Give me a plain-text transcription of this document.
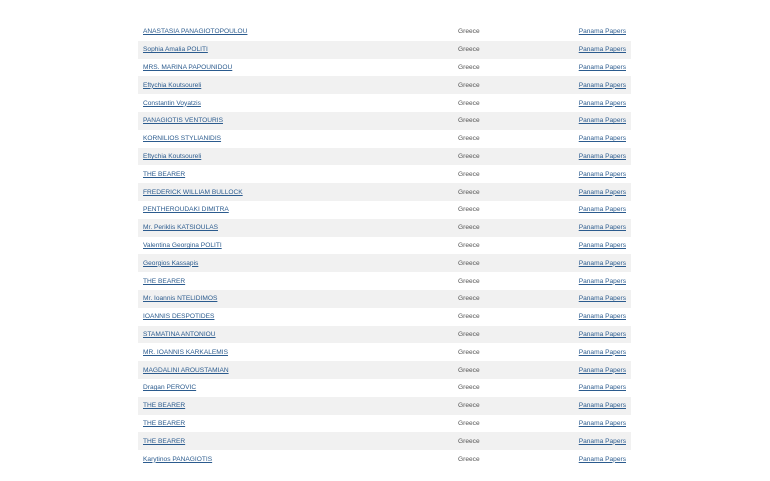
ANASTASIA PANAGIOTOPOULOU	Greece	Panama Papers
Sophia Amalia POLITI	Greece	Panama Papers
MRS. MARINA PAPOUNIDOU	Greece	Panama Papers
Eftychia Koutsoureli	Greece	Panama Papers
Constantin Voyatzis	Greece	Panama Papers
PANAGIOTIS VENTOURIS	Greece	Panama Papers
KORNILIOS STYLIANIDIS	Greece	Panama Papers
Eftychia Koutsoureli	Greece	Panama Papers
THE BEARER	Greece	Panama Papers
FREDERICK WILLIAM BULLOCK	Greece	Panama Papers
PENTHEROUDAKI DIMITRA	Greece	Panama Papers
Mr. Periklis KATSIOULAS	Greece	Panama Papers
Valentina Georgina POLITI	Greece	Panama Papers
Georgios Kassapis	Greece	Panama Papers
THE BEARER	Greece	Panama Papers
Mr. Ioannis NTELIDIMOS	Greece	Panama Papers
IOANNIS DESPOTIDES	Greece	Panama Papers
STAMATINA ANTONIOU	Greece	Panama Papers
MR. IOANNIS KARKALEMIS	Greece	Panama Papers
MAGDALINI AROUSTAMIAN	Greece	Panama Papers
Dragan PEROVIC	Greece	Panama Papers
THE BEARER	Greece	Panama Papers
THE BEARER	Greece	Panama Papers
THE BEARER	Greece	Panama Papers
Karytinos PANAGIOTIS	Greece	Panama Papers
